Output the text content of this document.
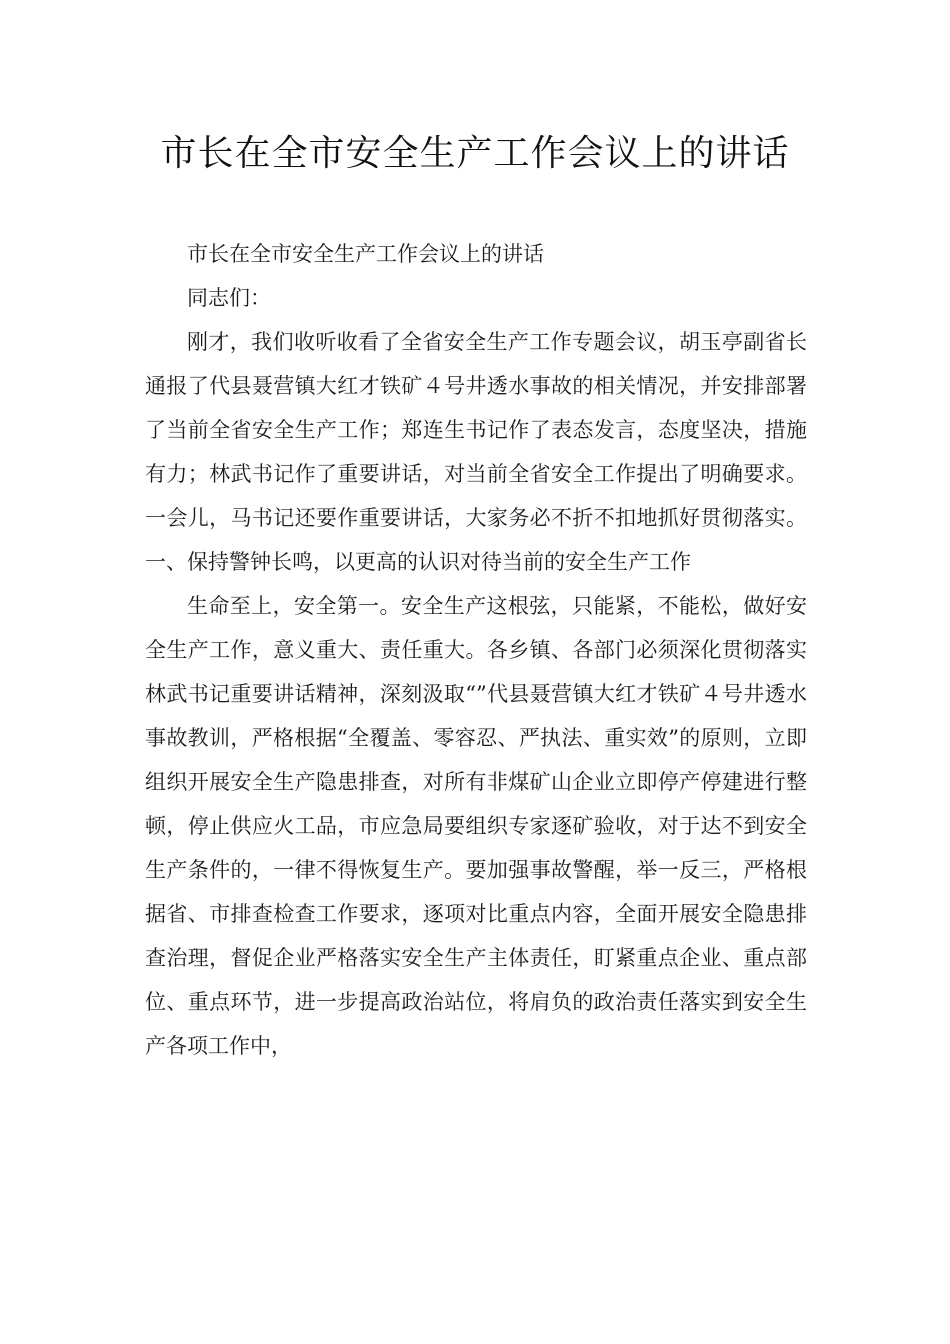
市长在全市安全生产工作会议上的讲话

市长在全市安全生产工作会议上的讲话

同志们：

刚才，我们收听收看了全省安全生产工作专题会议，胡玉亭副省长通报了代县聂营镇大红才铁矿４号井透水事故的相关情况，并安排部署了当前全省安全生产工作；郑连生书记作了表态发言，态度坚决，措施有力；林武书记作了重要讲话，对当前全省安全工作提出了明确要求。一会儿，马书记还要作重要讲话，大家务必不折不扣地抓好贯彻落实。一、保持警钟长鸣，以更高的认识对待当前的安全生产工作

生命至上，安全第一。安全生产这根弦，只能紧，不能松，做好安全生产工作，意义重大、责任重大。各乡镇、各部门必须深化贯彻落实林武书记重要讲话精神，深刻汲取“”代县聂营镇大红才铁矿４号井透水事故教训，严格根据“全覆盖、零容忍、严执法、重实效”的原则，立即组织开展安全生产隐患排查，对所有非煤矿山企业立即停产停建进行整顿，停止供应火工品，市应急局要组织专家逐矿验收，对于达不到安全生产条件的，一律不得恢复生产。要加强事故警醒，举一反三，严格根据省、市排查检查工作要求，逐项对比重点内容，全面开展安全隐患排查治理，督促企业严格落实安全生产主体责任，盯紧重点企业、重点部位、重点环节，进一步提高政治站位，将肩负的政治责任落实到安全生产各项工作中，
